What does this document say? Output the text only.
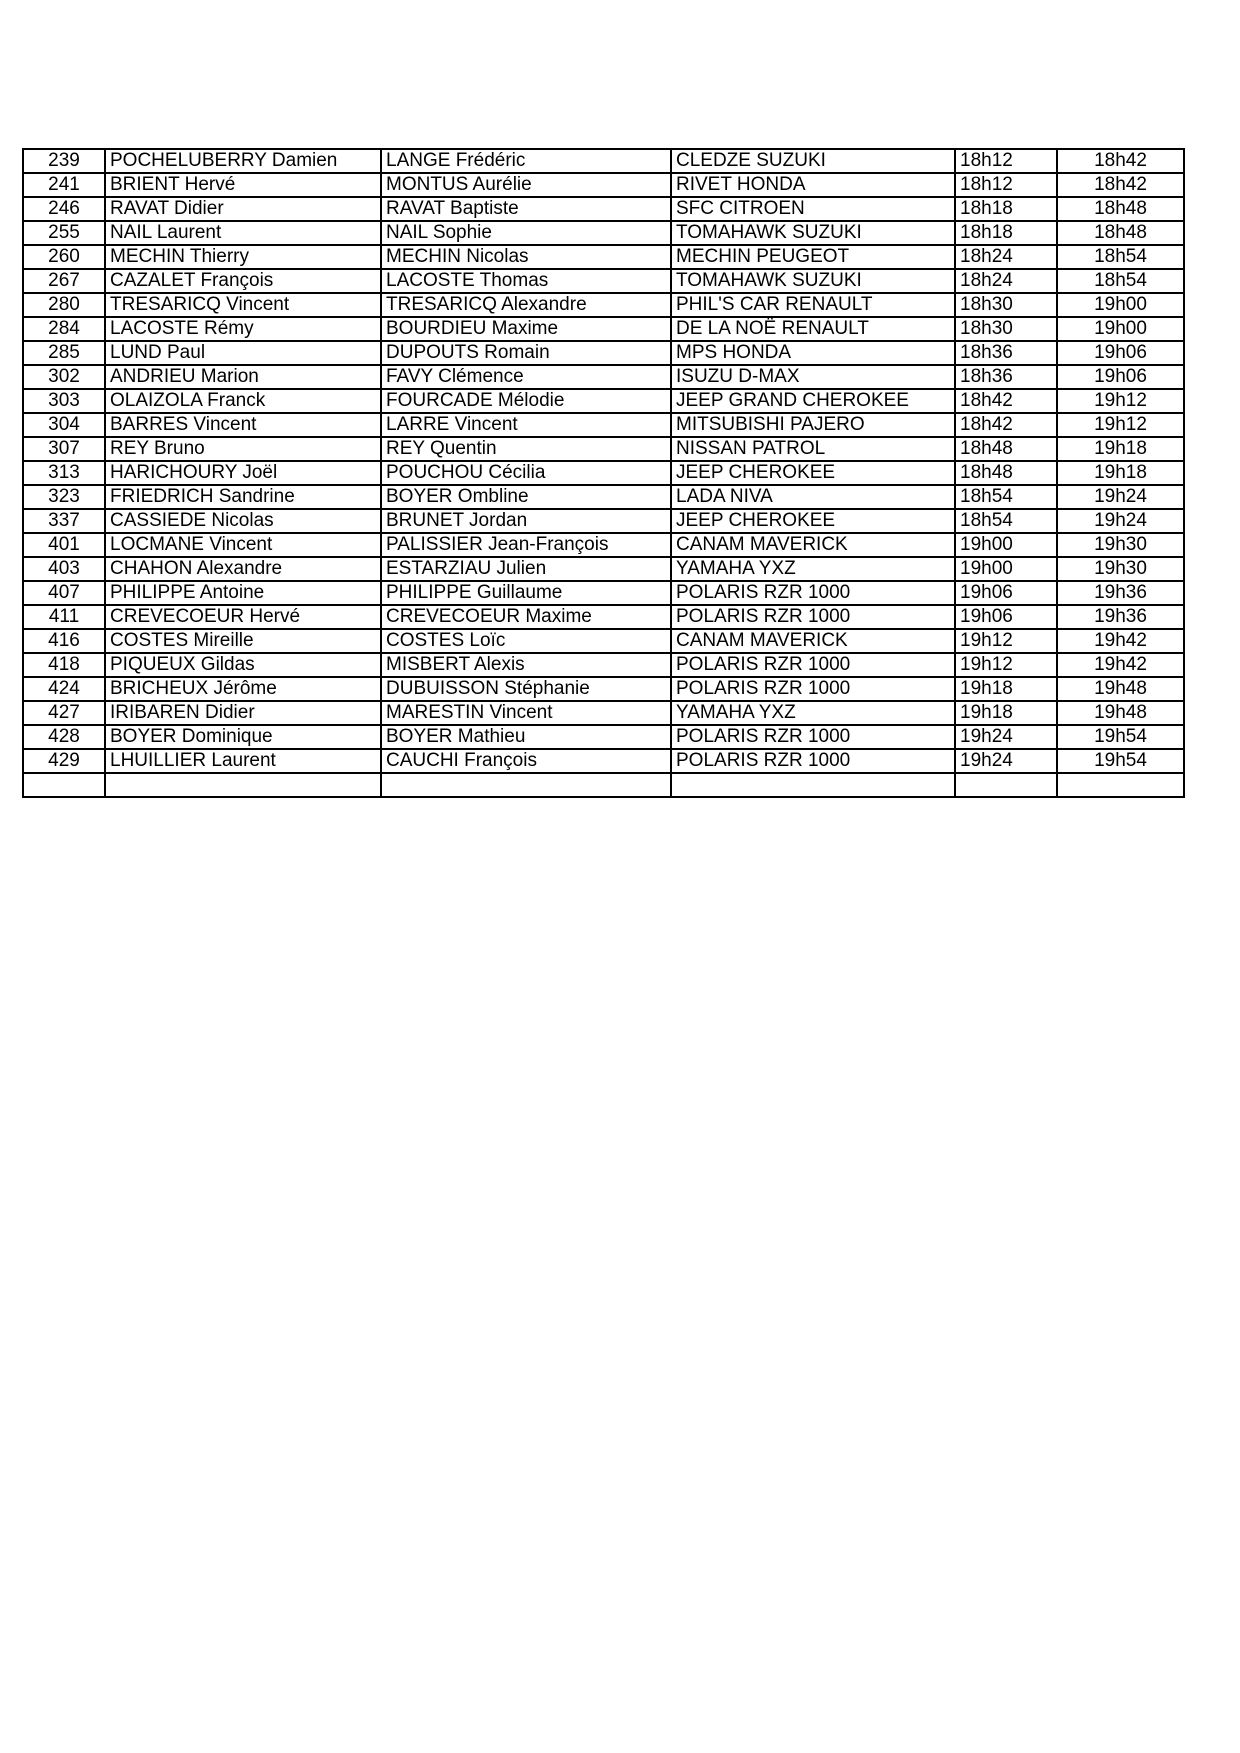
239	POCHELUBERRY Damien	LANGE Frédéric	CLEDZE SUZUKI	18h12	18h42
241	BRIENT Hervé	MONTUS Aurélie	RIVET HONDA	18h12	18h42
246	RAVAT Didier	RAVAT Baptiste	SFC CITROEN	18h18	18h48
255	NAIL Laurent	NAIL Sophie	TOMAHAWK SUZUKI	18h18	18h48
260	MECHIN Thierry	MECHIN Nicolas	MECHIN PEUGEOT	18h24	18h54
267	CAZALET François	LACOSTE Thomas	TOMAHAWK SUZUKI	18h24	18h54
280	TRESARICQ Vincent	TRESARICQ Alexandre	PHIL'S CAR RENAULT	18h30	19h00
284	LACOSTE Rémy	BOURDIEU Maxime	DE LA NOË RENAULT	18h30	19h00
285	LUND Paul	DUPOUTS Romain	MPS HONDA	18h36	19h06
302	ANDRIEU Marion	FAVY Clémence	ISUZU D-MAX	18h36	19h06
303	OLAIZOLA Franck	FOURCADE Mélodie	JEEP GRAND CHEROKEE	18h42	19h12
304	BARRES Vincent	LARRE Vincent	MITSUBISHI PAJERO	18h42	19h12
307	REY Bruno	REY Quentin	NISSAN PATROL	18h48	19h18
313	HARICHOURY Joël	POUCHOU Cécilia	JEEP CHEROKEE	18h48	19h18
323	FRIEDRICH Sandrine	BOYER Ombline	LADA NIVA	18h54	19h24
337	CASSIEDE Nicolas	BRUNET Jordan	JEEP CHEROKEE	18h54	19h24
401	LOCMANE Vincent	PALISSIER Jean-François	CANAM MAVERICK	19h00	19h30
403	CHAHON Alexandre	ESTARZIAU Julien	YAMAHA YXZ	19h00	19h30
407	PHILIPPE Antoine	PHILIPPE Guillaume	POLARIS RZR 1000	19h06	19h36
411	CREVECOEUR Hervé	CREVECOEUR Maxime	POLARIS RZR 1000	19h06	19h36
416	COSTES Mireille	COSTES Loïc	CANAM MAVERICK	19h12	19h42
418	PIQUEUX Gildas	MISBERT Alexis	POLARIS RZR 1000	19h12	19h42
424	BRICHEUX Jérôme	DUBUISSON Stéphanie	POLARIS RZR 1000	19h18	19h48
427	IRIBAREN Didier	MARESTIN Vincent	YAMAHA YXZ	19h18	19h48
428	BOYER Dominique	BOYER Mathieu	POLARIS RZR 1000	19h24	19h54
429	LHUILLIER Laurent	CAUCHI François	POLARIS RZR 1000	19h24	19h54
